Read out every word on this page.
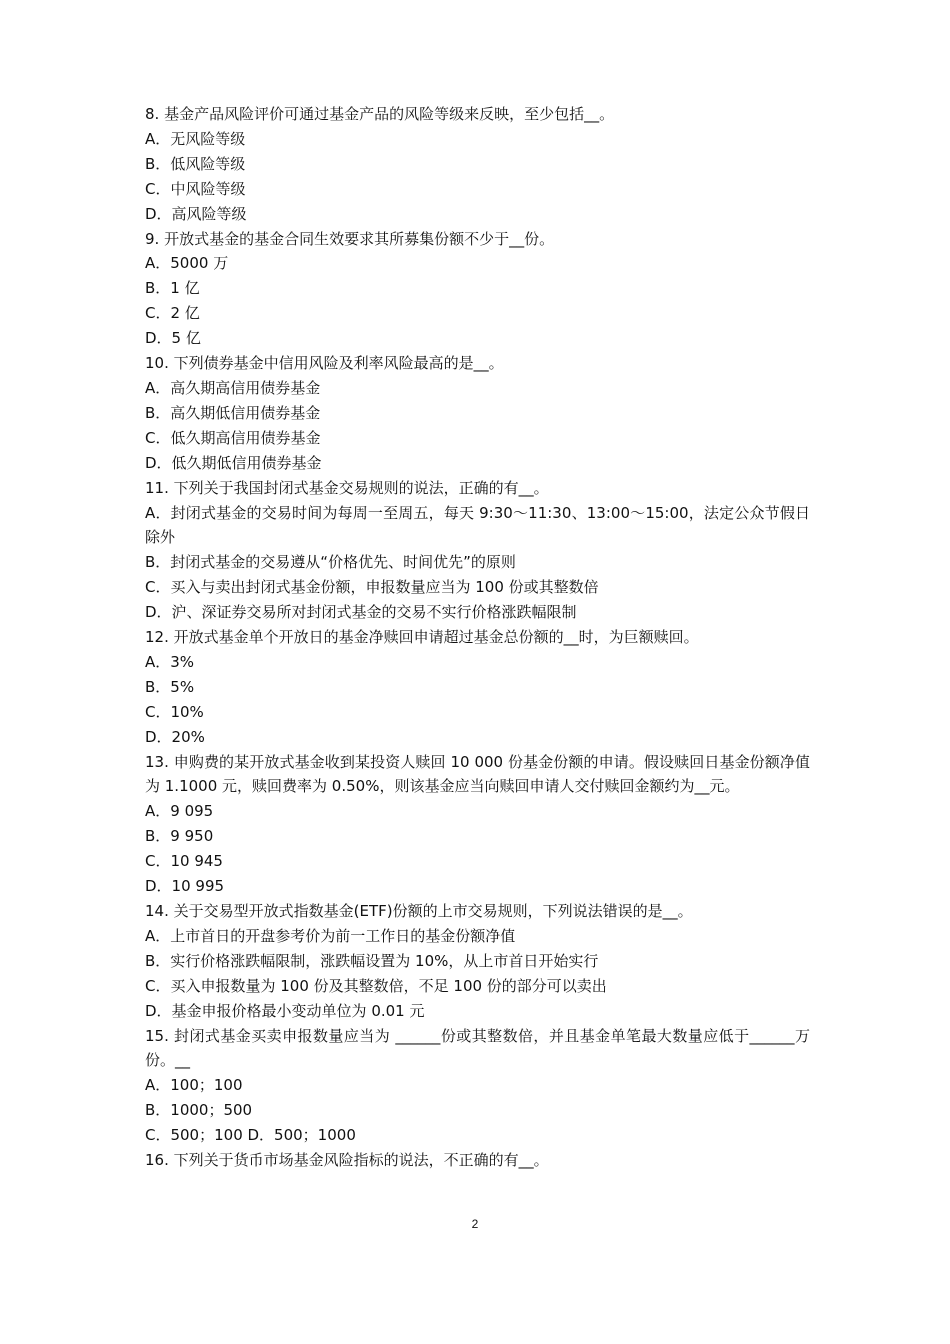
8. 基金产品风险评价可通过基金产品的风险等级来反映，至少包括__。
A．无风险等级
B．低风险等级
C．中风险等级
D．高风险等级
9. 开放式基金的基金合同生效要求其所募集份额不少于__份。
A．5000 万
B．1 亿
C．2 亿
D．5 亿
10. 下列债券基金中信用风险及利率风险最高的是__。
A．高久期高信用债券基金
B．高久期低信用债券基金
C．低久期高信用债券基金
D．低久期低信用债券基金
11. 下列关于我国封闭式基金交易规则的说法，正确的有__。
A．封闭式基金的交易时间为每周一至周五，每天 9:30～11:30、13:00～15:00，法定公众节假日除外
B．封闭式基金的交易遵从“价格优先、时间优先”的原则
C．买入与卖出封闭式基金份额，申报数量应当为 100 份或其整数倍
D．沪、深证券交易所对封闭式基金的交易不实行价格涨跌幅限制
12. 开放式基金单个开放日的基金净赎回申请超过基金总份额的__时，为巨额赎回。
A．3%
B．5%
C．10%
D．20%
13. 申购费的某开放式基金收到某投资人赎回 10 000 份基金份额的申请。假设赎回日基金份额净值为 1.1000 元，赎回费率为 0.50%，则该基金应当向赎回申请人交付赎回金额约为__元。
A．9 095
B．9 950
C．10 945
D．10 995
14. 关于交易型开放式指数基金(ETF)份额的上市交易规则，下列说法错误的是__。
A．上市首日的开盘参考价为前一工作日的基金份额净值
B．实行价格涨跌幅限制，涨跌幅设置为 10%，从上市首日开始实行
C．买入申报数量为 100 份及其整数倍，不足 100 份的部分可以卖出
D．基金申报价格最小变动单位为 0.01 元
15. 封闭式基金买卖申报数量应当为 ______份或其整数倍，并且基金单笔最大数量应低于______万份。__
A．100；100
B．1000；500
C．500；100 D．500；1000
16. 下列关于货币市场基金风险指标的说法，不正确的有__。
2
